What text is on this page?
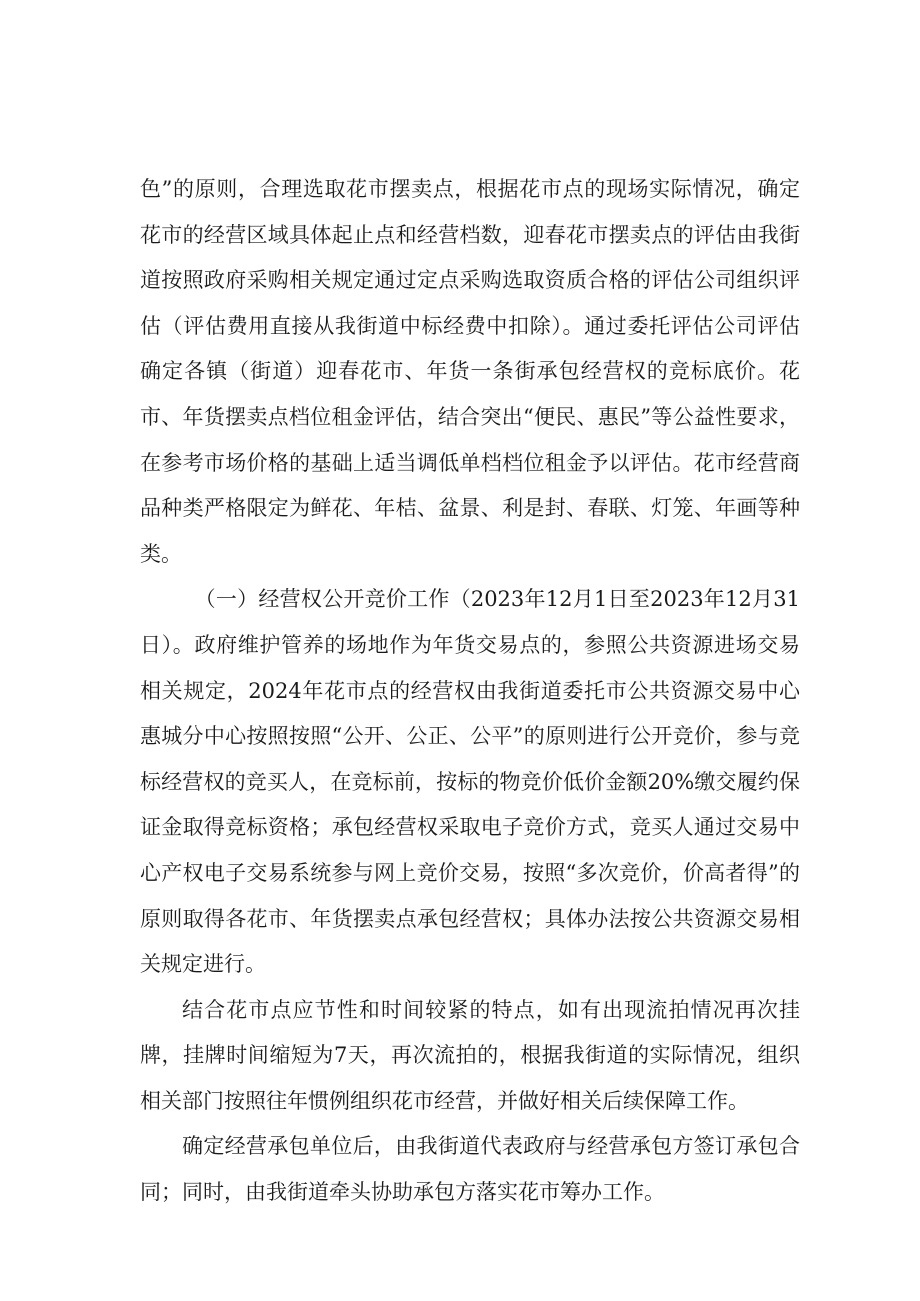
色”的原则，合理选取花市摆卖点，根据花市点的现场实际情况，确定花市的经营区域具体起止点和经营档数，迎春花市摆卖点的评估由我街道按照政府采购相关规定通过定点采购选取资质合格的评估公司组织评估（评估费用直接从我街道中标经费中扣除）。通过委托评估公司评估确定各镇（街道）迎春花市、年货一条街承包经营权的竞标底价。花市、年货摆卖点档位租金评估，结合突出“便民、惠民”等公益性要求，在参考市场价格的基础上适当调低单档档位租金予以评估。花市经营商品种类严格限定为鲜花、年桔、盆景、利是封、春联、灯笼、年画等种类。

（一）经营权公开竞价工作（2023年12月1日至2023年12月31日）。政府维护管养的场地作为年货交易点的，参照公共资源进场交易相关规定，2024年花市点的经营权由我街道委托市公共资源交易中心惠城分中心按照按照“公开、公正、公平”的原则进行公开竞价，参与竞标经营权的竞买人，在竞标前，按标的物竞价低价金额20%缴交履约保证金取得竞标资格；承包经营权采取电子竞价方式，竞买人通过交易中心产权电子交易系统参与网上竞价交易，按照“多次竞价，价高者得”的原则取得各花市、年货摆卖点承包经营权；具体办法按公共资源交易相关规定进行。

结合花市点应节性和时间较紧的特点，如有出现流拍情况再次挂牌，挂牌时间缩短为7天，再次流拍的，根据我街道的实际情况，组织相关部门按照往年惯例组织花市经营，并做好相关后续保障工作。

确定经营承包单位后，由我街道代表政府与经营承包方签订承包合同；同时，由我街道牵头协助承包方落实花市筹办工作。
